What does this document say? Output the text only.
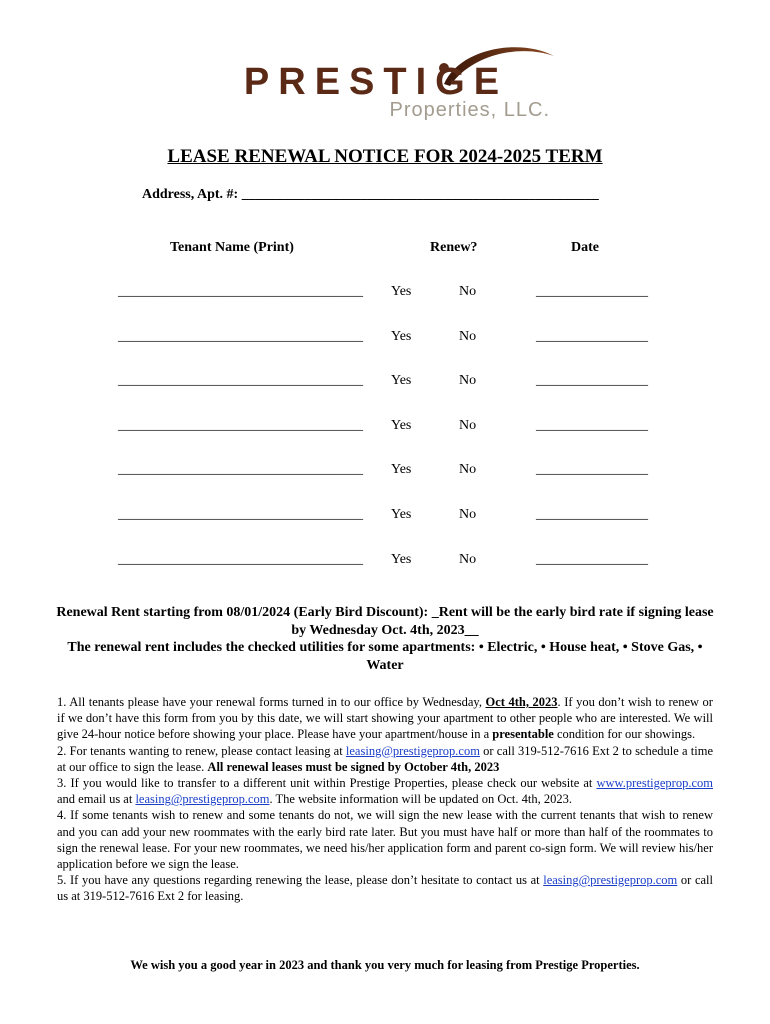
PRESTIGE
Properties, LLC.
LEASE RENEWAL NOTICE FOR 2024-2025 TERM
Address, Apt. #: ___________________________________________________
Tenant Name (Print)	Renew?	Date
___________________________________ Yes	No	________________
___________________________________ Yes	No	________________
___________________________________ Yes	No	________________
___________________________________ Yes	No	________________
___________________________________ Yes	No	________________
___________________________________ Yes	No	________________
___________________________________ Yes	No	________________
Renewal Rent starting from 08/01/2024 (Early Bird Discount): _Rent will be the early bird rate if signing lease by Wednesday Oct. 4th, 2023__
The renewal rent includes the checked utilities for some apartments: • Electric, • House heat, • Stove Gas, • Water

1. All tenants please have your renewal forms turned in to our office by Wednesday, Oct 4th, 2023. If you don’t wish to renew or if we don’t have this form from you by this date, we will start showing your apartment to other people who are interested. We will give 24-hour notice before showing your place. Please have your apartment/house in a presentable condition for our showings.

2. For tenants wanting to renew, please contact leasing at leasing@prestigeprop.com or call 319-512-7616 Ext 2 to schedule a time at our office to sign the lease. All renewal leases must be signed by October 4th, 2023

3. If you would like to transfer to a different unit within Prestige Properties, please check our website at www.prestigeprop.com and email us at leasing@prestigeprop.com. The website information will be updated on Oct. 4th, 2023.

4. If some tenants wish to renew and some tenants do not, we will sign the new lease with the current tenants that wish to renew and you can add your new roommates with the early bird rate later. But you must have half or more than half of the roommates to sign the renewal lease. For your new roommates, we need his/her application form and parent co-sign form. We will review his/her application before we sign the lease.

5. If you have any questions regarding renewing the lease, please don’t hesitate to contact us at leasing@prestigeprop.com or call us at 319-512-7616 Ext 2 for leasing.

We wish you a good year in 2023 and thank you very much for leasing from Prestige Properties.
